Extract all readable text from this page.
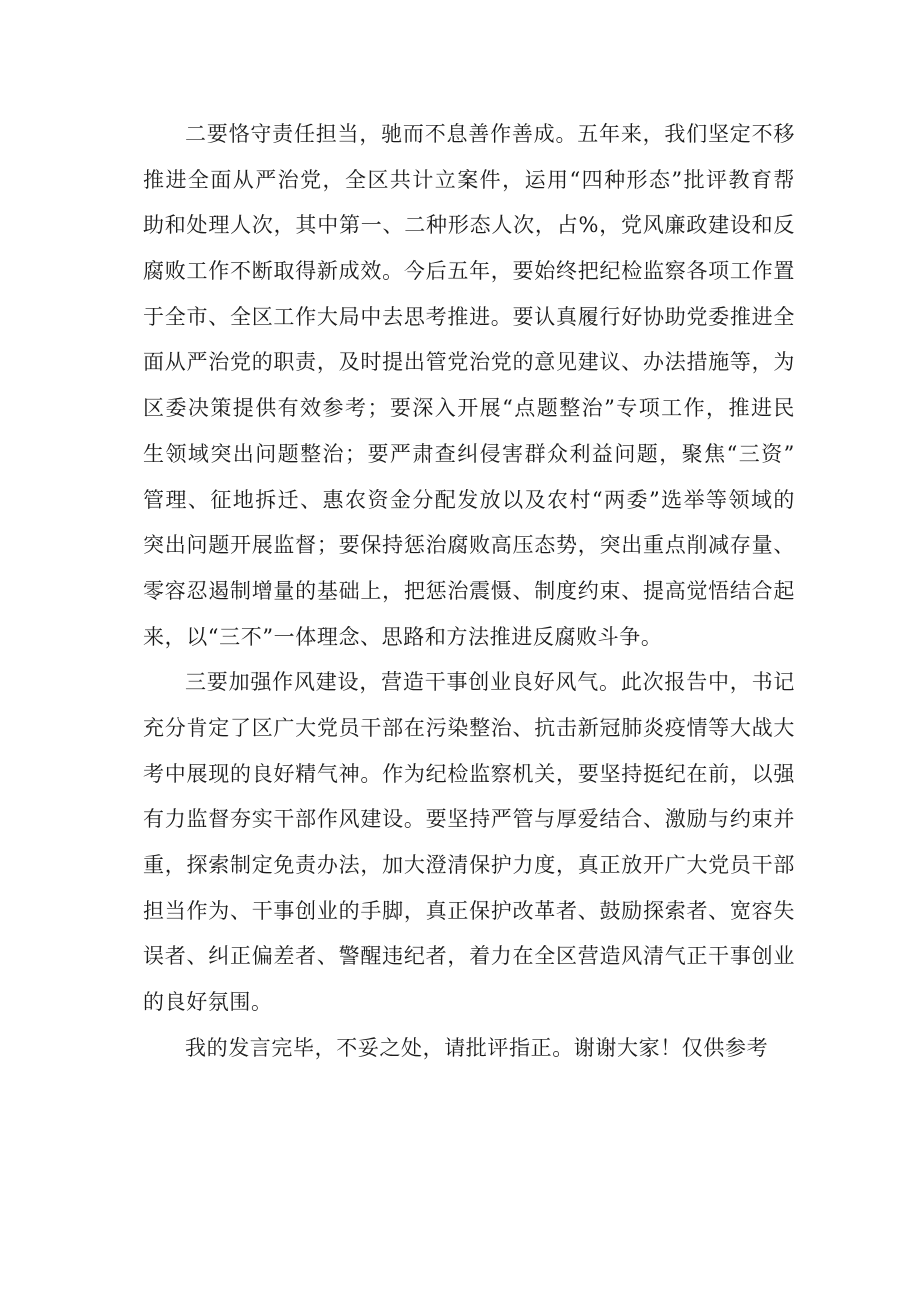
二要恪守责任担当，驰而不息善作善成。五年来，我们坚定不移
推进全面从严治党，全区共计立案件，运用“四种形态”批评教育帮
助和处理人次，其中第一、二种形态人次，占%，党风廉政建设和反
腐败工作不断取得新成效。今后五年，要始终把纪检监察各项工作置
于全市、全区工作大局中去思考推进。要认真履行好协助党委推进全
面从严治党的职责，及时提出管党治党的意见建议、办法措施等，为
区委决策提供有效参考；要深入开展“点题整治”专项工作，推进民
生领域突出问题整治；要严肃查纠侵害群众利益问题，聚焦“三资”
管理、征地拆迁、惠农资金分配发放以及农村“两委”选举等领域的
突出问题开展监督；要保持惩治腐败高压态势，突出重点削减存量、
零容忍遏制增量的基础上，把惩治震慑、制度约束、提高觉悟结合起
来，以“三不”一体理念、思路和方法推进反腐败斗争。
三要加强作风建设，营造干事创业良好风气。此次报告中，书记
充分肯定了区广大党员干部在污染整治、抗击新冠肺炎疫情等大战大
考中展现的良好精气神。作为纪检监察机关，要坚持挺纪在前，以强
有力监督夯实干部作风建设。要坚持严管与厚爱结合、激励与约束并
重，探索制定免责办法，加大澄清保护力度，真正放开广大党员干部
担当作为、干事创业的手脚，真正保护改革者、鼓励探索者、宽容失
误者、纠正偏差者、警醒违纪者，着力在全区营造风清气正干事创业
的良好氛围。
我的发言完毕，不妥之处，请批评指正。谢谢大家！仅供参考
